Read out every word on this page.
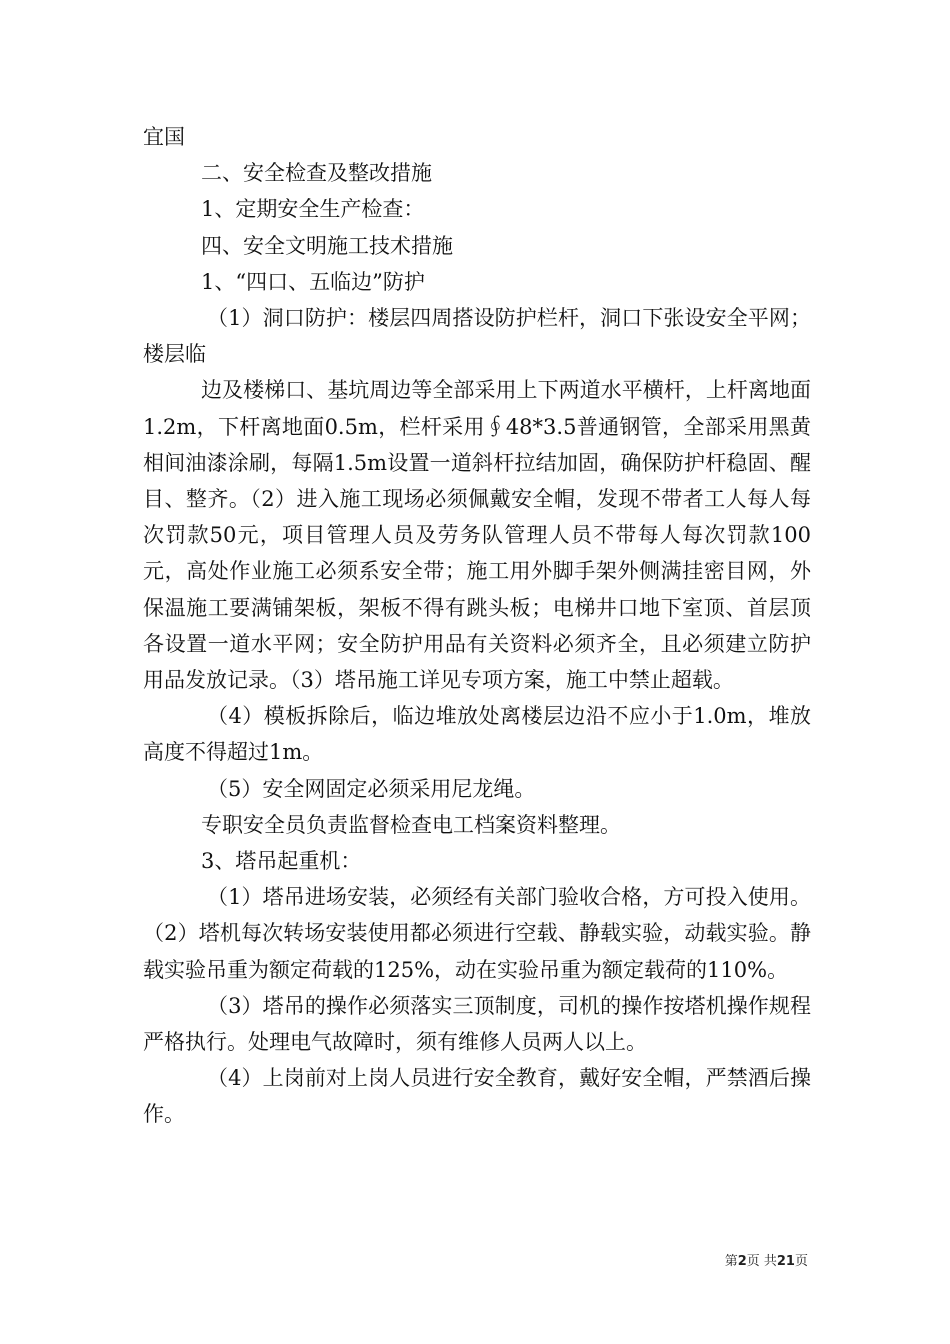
宜国

二、安全检查及整改措施

1、定期安全生产检查：

四、安全文明施工技术措施

1、“四口、五临边”防护

（1）洞口防护：楼层四周搭设防护栏杆，洞口下张设安全平网；楼层临

边及楼梯口、基坑周边等全部采用上下两道水平横杆，上杆离地面1.2m，下杆离地面0.5m，栏杆采用∮48*3.5普通钢管，全部采用黑黄相间油漆涂刷，每隔1.5m设置一道斜杆拉结加固，确保防护杆稳固、醒目、整齐。（2）进入施工现场必须佩戴安全帽，发现不带者工人每人每次罚款50元，项目管理人员及劳务队管理人员不带每人每次罚款100元，高处作业施工必须系安全带；施工用外脚手架外侧满挂密目网，外保温施工要满铺架板，架板不得有跳头板；电梯井口地下室顶、首层顶各设置一道水平网；安全防护用品有关资料必须齐全，且必须建立防护用品发放记录。（3）塔吊施工详见专项方案，施工中禁止超载。

（4）模板拆除后，临边堆放处离楼层边沿不应小于1.0m，堆放高度不得超过1m。

（5）安全网固定必须采用尼龙绳。

专职安全员负责监督检查电工档案资料整理。

3、塔吊起重机：

（1）塔吊进场安装，必须经有关部门验收合格，方可投入使用。（2）塔机每次转场安装使用都必须进行空载、静载实验，动载实验。静载实验吊重为额定荷载的125%，动在实验吊重为额定载荷的110%。

（3）塔吊的操作必须落实三顶制度，司机的操作按塔机操作规程严格执行。处理电气故障时，须有维修人员两人以上。

（4）上岗前对上岗人员进行安全教育，戴好安全帽，严禁酒后操作。

第2页 共21页
